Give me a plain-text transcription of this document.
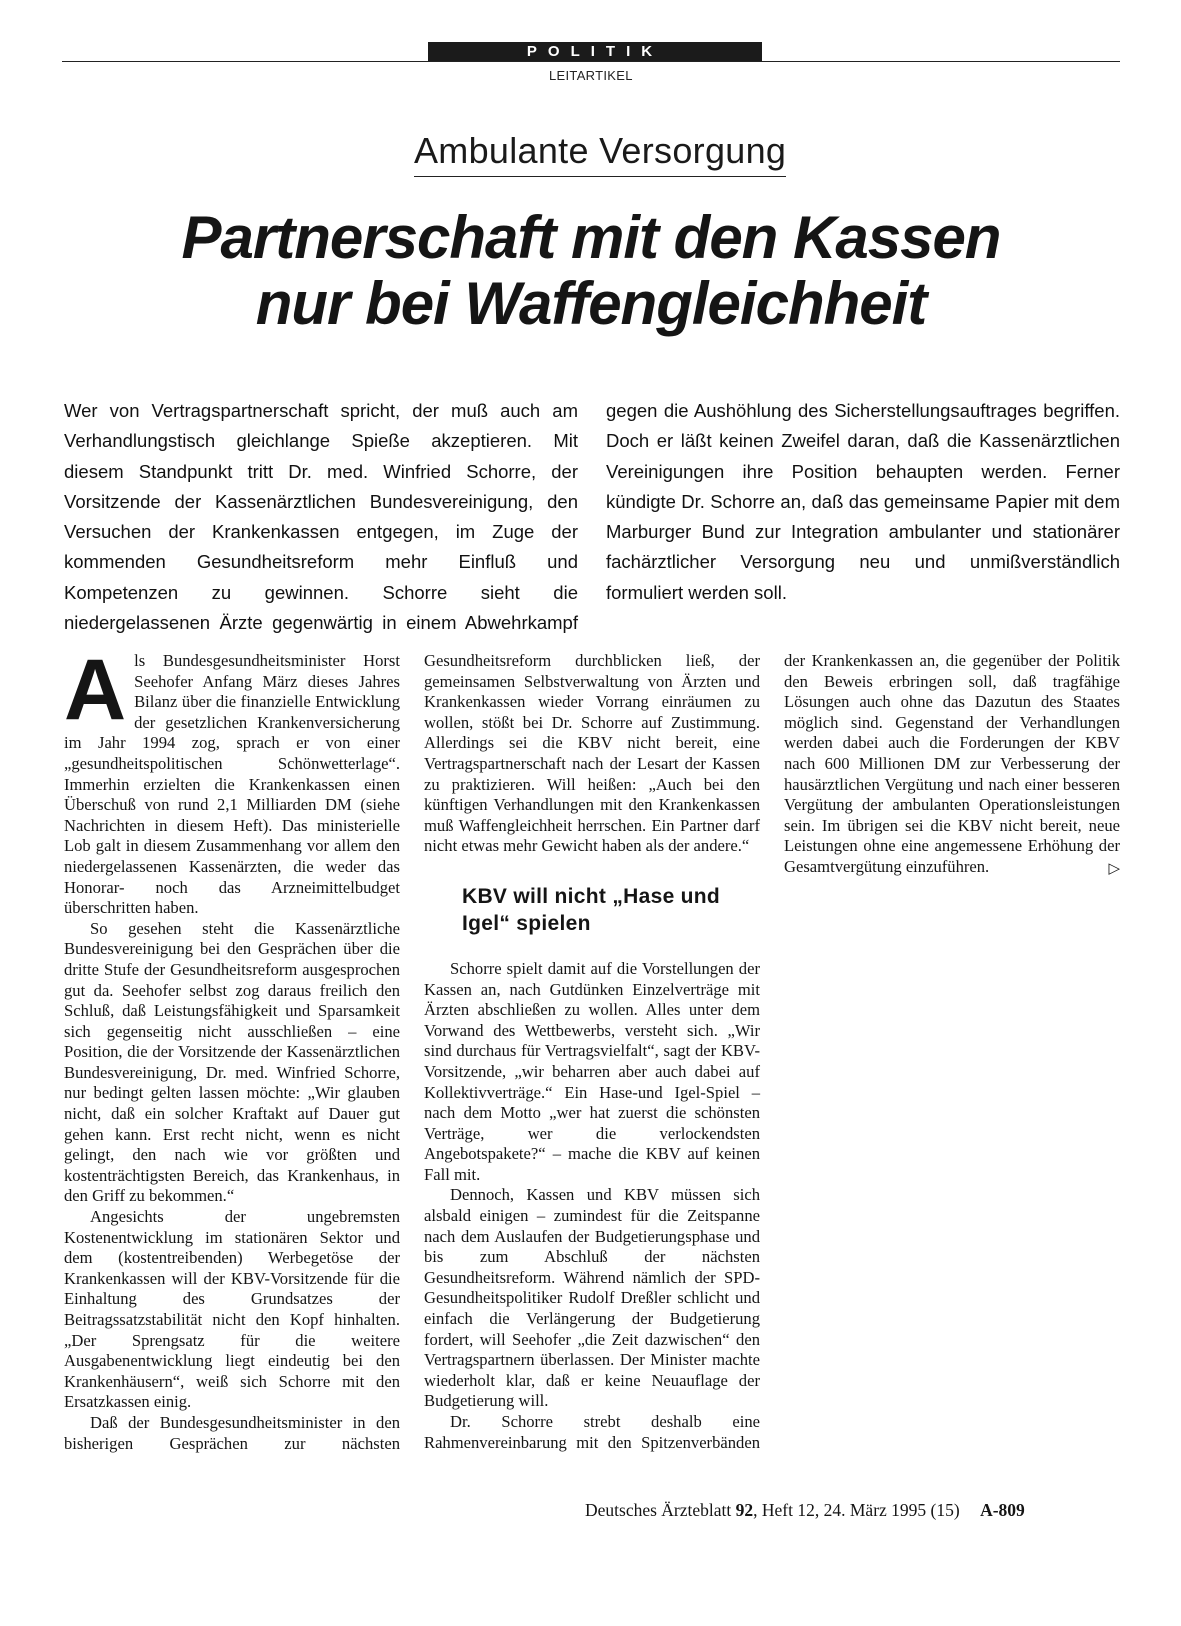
POLITIK
LEITARTIKEL
Ambulante Versorgung
Partnerschaft mit den Kassen
nur bei Waffengleichheit

Wer von Vertragspartnerschaft spricht, der muß auch am Verhandlungstisch gleichlange Spieße akzeptieren. Mit diesem Standpunkt tritt Dr. med. Winfried Schorre, der Vorsitzende der Kassenärztlichen Bundesvereinigung, den Versuchen der Krankenkassen entgegen, im Zuge der kommenden Gesundheitsreform mehr Einfluß und Kompetenzen zu gewinnen. Schorre sieht die niedergelassenen Ärzte gegenwärtig in einem Abwehrkampf gegen die Aushöhlung des Sicherstellungsauftrages begriffen. Doch er läßt keinen Zweifel daran, daß die Kassenärztlichen Vereinigungen ihre Position behaupten werden. Ferner kündigte Dr. Schorre an, daß das gemeinsame Papier mit dem Marburger Bund zur Integration ambulanter und stationärer fachärztlicher Versorgung neu und unmißverständlich formuliert werden soll.

Als Bundesgesundheitsminister Horst Seehofer Anfang März dieses Jahres Bilanz über die finanzielle Entwicklung der gesetzlichen Krankenversicherung im Jahr 1994 zog, sprach er von einer „gesundheitspolitischen Schönwetterlage“. Immerhin erzielten die Krankenkassen einen Überschuß von rund 2,1 Milliarden DM (siehe Nachrichten in diesem Heft). Das ministerielle Lob galt in diesem Zusammenhang vor allem den niedergelassenen Kassenärzten, die weder das Honorar- noch das Arzneimittelbudget überschritten haben.

So gesehen steht die Kassenärztliche Bundesvereinigung bei den Gesprächen über die dritte Stufe der Gesundheitsreform ausgesprochen gut da. Seehofer selbst zog daraus freilich den Schluß, daß Leistungsfähigkeit und Sparsamkeit sich gegenseitig nicht ausschließen – eine Position, die der Vorsitzende der Kassenärztlichen Bundesvereinigung, Dr. med. Winfried Schorre, nur bedingt gelten lassen möchte: „Wir glauben nicht, daß ein solcher Kraftakt auf Dauer gut gehen kann. Erst recht nicht, wenn es nicht gelingt, den nach wie vor größten und kostenträchtigsten Bereich, das Krankenhaus, in den Griff zu bekommen.“

Angesichts der ungebremsten Kostenentwicklung im stationären Sektor und dem (kostentreibenden) Werbegetöse der Krankenkassen will der KBV-Vorsitzende für die Einhaltung des Grundsatzes der Beitragssatzstabilität nicht den Kopf hinhalten. „Der Sprengsatz für die weitere Ausgabenentwicklung liegt eindeutig bei den Krankenhäusern“, weiß sich Schorre mit den Ersatzkassen einig.

Daß der Bundesgesundheitsminister in den bisherigen Gesprächen zur nächsten Gesundheitsreform durchblicken ließ, der gemeinsamen Selbstverwaltung von Ärzten und Krankenkassen wieder Vorrang einräumen zu wollen, stößt bei Dr. Schorre auf Zustimmung. Allerdings sei die KBV nicht bereit, eine Vertragspartnerschaft nach der Lesart der Kassen zu praktizieren. Will heißen: „Auch bei den künftigen Verhandlungen mit den Krankenkassen muß Waffengleichheit herrschen. Ein Partner darf nicht etwas mehr Gewicht haben als der andere.“

KBV will nicht „Hase und Igel“ spielen

Schorre spielt damit auf die Vorstellungen der Kassen an, nach Gutdünken Einzelverträge mit Ärzten abschließen zu wollen. Alles unter dem Vorwand des Wettbewerbs, versteht sich. „Wir sind durchaus für Vertragsvielfalt“, sagt der KBV-Vorsitzende, „wir beharren aber auch dabei auf Kollektivverträge.“ Ein Hase-und Igel-Spiel – nach dem Motto „wer hat zuerst die schönsten Verträge, wer die verlockendsten Angebotspakete?“ – mache die KBV auf keinen Fall mit.

Dennoch, Kassen und KBV müssen sich alsbald einigen – zumindest für die Zeitspanne nach dem Auslaufen der Budgetierungsphase und bis zum Abschluß der nächsten Gesundheitsreform. Während nämlich der SPD-Gesundheitspolitiker Rudolf Dreßler schlicht und einfach die Verlängerung der Budgetierung fordert, will Seehofer „die Zeit dazwischen“ den Vertragspartnern überlassen. Der Minister machte wiederholt klar, daß er keine Neuauflage der Budgetierung will.

Dr. Schorre strebt deshalb eine Rahmenvereinbarung mit den Spitzenverbänden der Krankenkassen an, die gegenüber der Politik den Beweis erbringen soll, daß tragfähige Lösungen auch ohne das Dazutun des Staates möglich sind. Gegenstand der Verhandlungen werden dabei auch die Forderungen der KBV nach 600 Millionen DM zur Verbesserung der hausärztlichen Vergütung und nach einer besseren Vergütung der ambulanten Operationsleistungen sein. Im übrigen sei die KBV nicht bereit, neue Leistungen ohne eine angemessene Erhöhung der Gesamtvergütung einzuführen.	▷

Deutsches Ärzteblatt 92, Heft 12, 24. März 1995 (15) A-809
